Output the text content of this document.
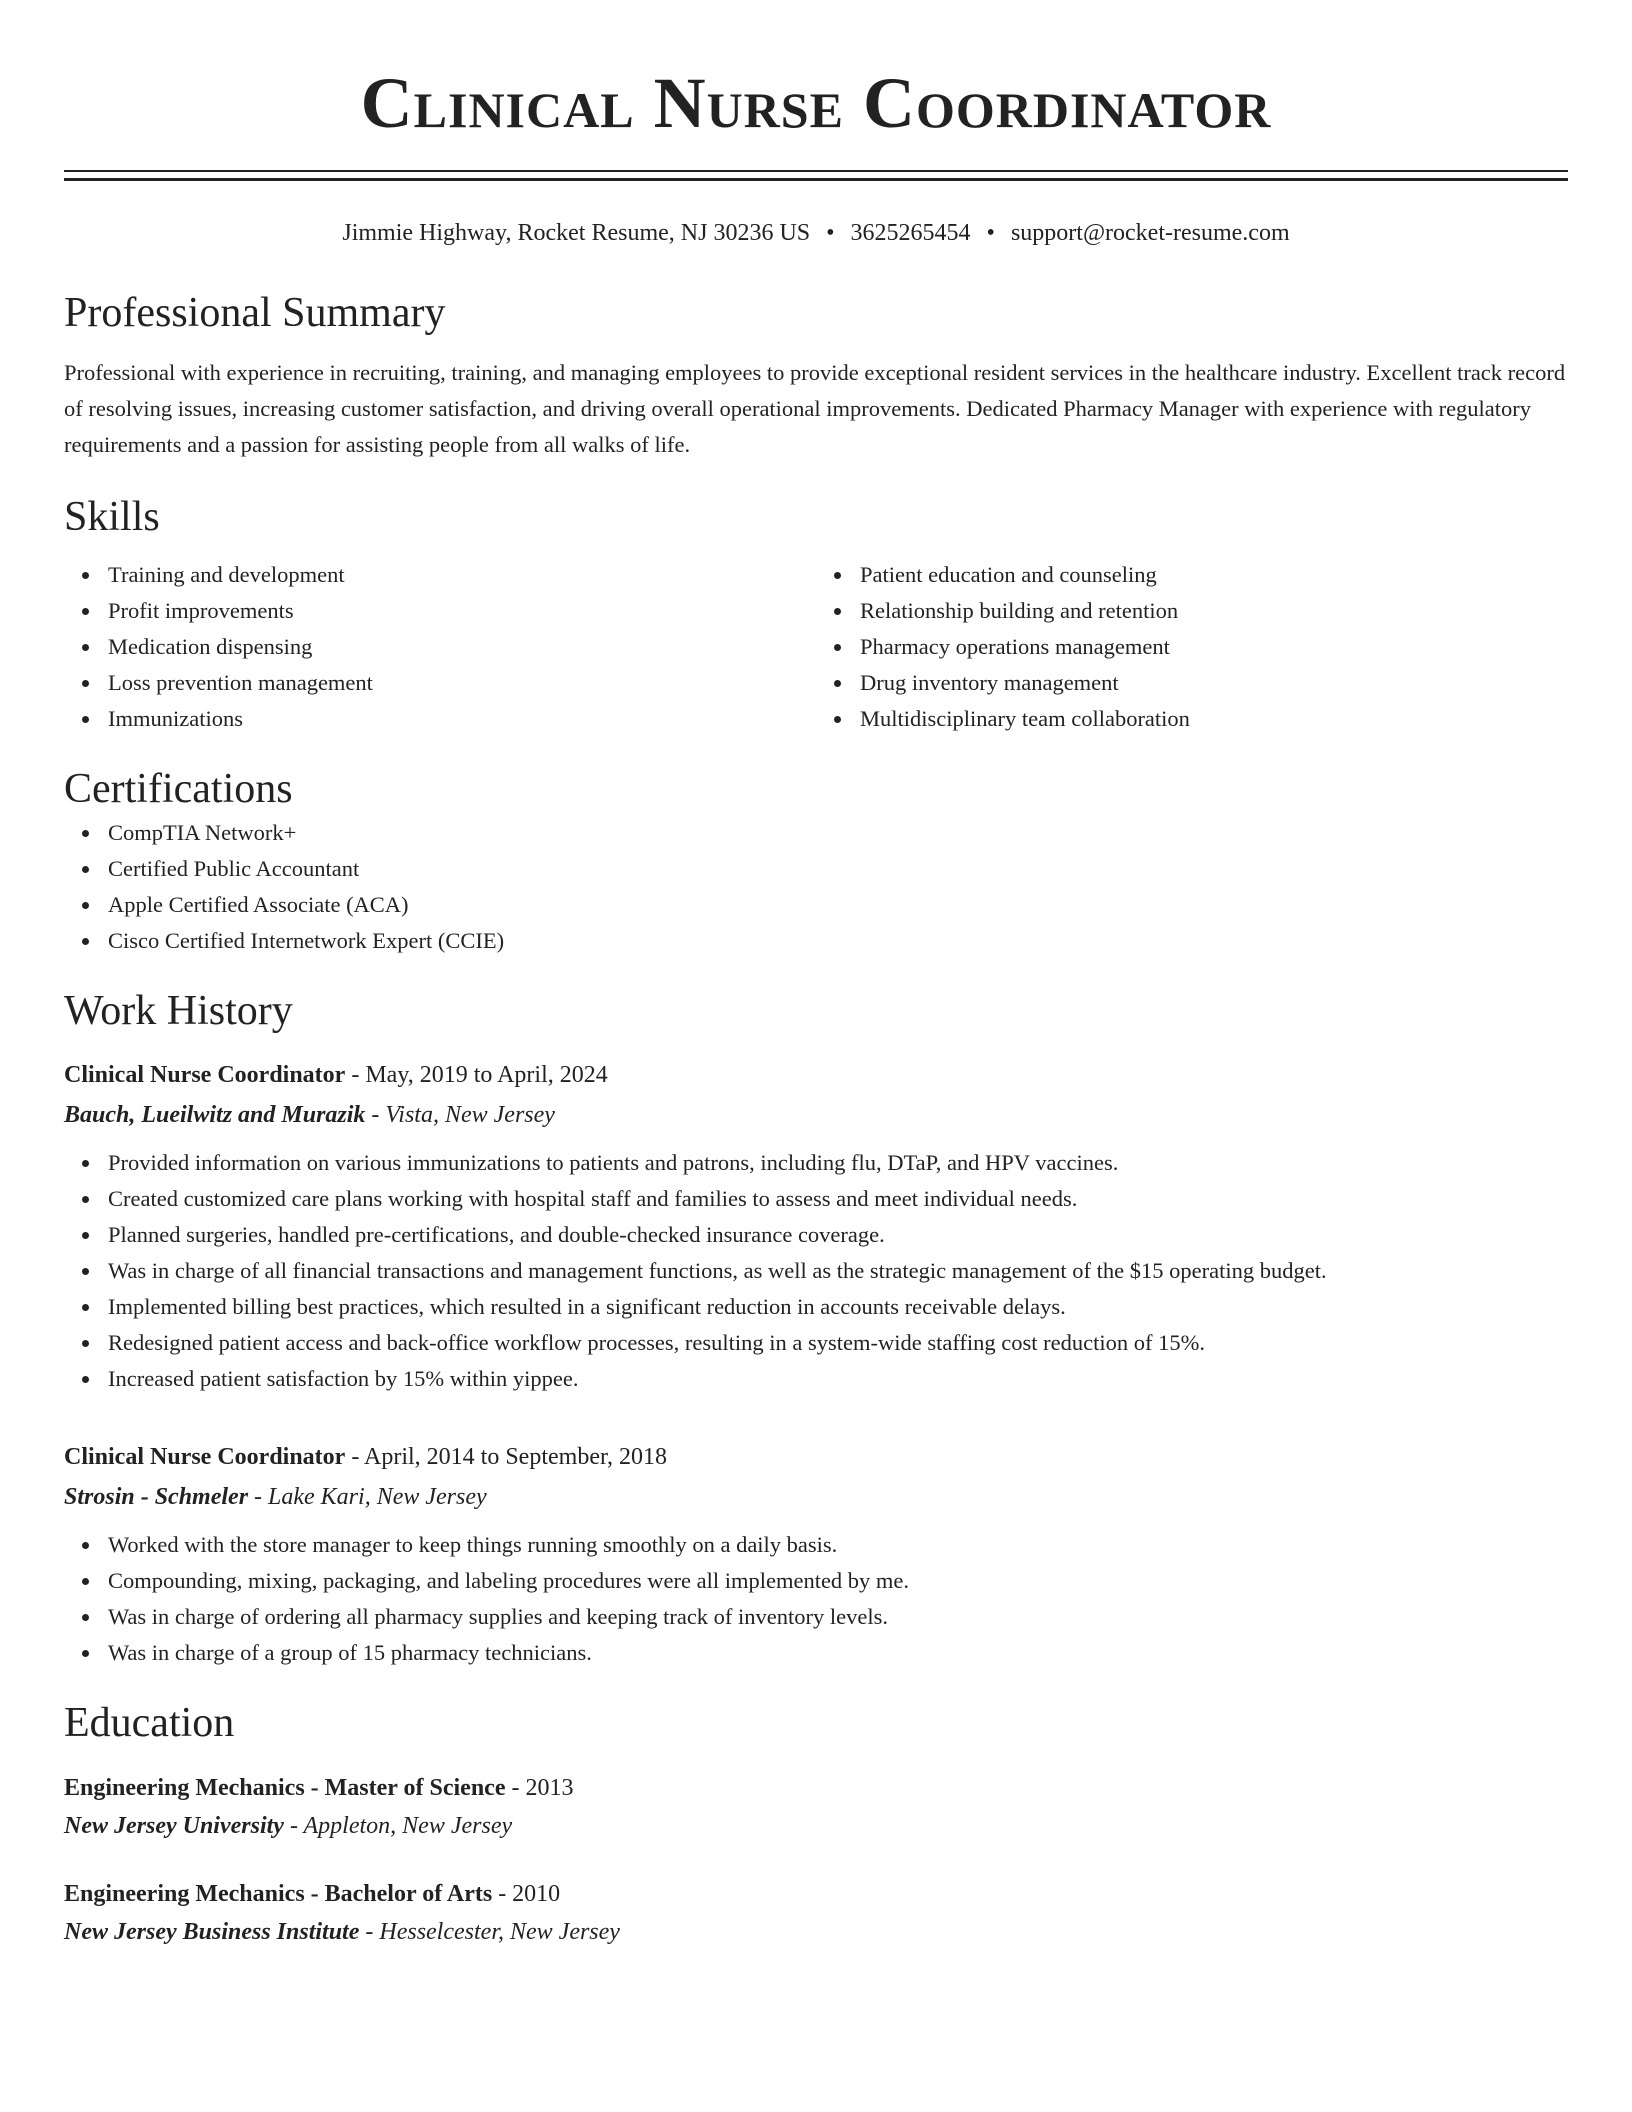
Clinical Nurse Coordinator
Jimmie Highway, Rocket Resume, NJ 30236 US • 3625265454 • support@rocket-resume.com
Professional Summary
Professional with experience in recruiting, training, and managing employees to provide exceptional resident services in the healthcare industry. Excellent track record of resolving issues, increasing customer satisfaction, and driving overall operational improvements. Dedicated Pharmacy Manager with experience with regulatory requirements and a passion for assisting people from all walks of life.
Skills
Training and development
Profit improvements
Medication dispensing
Loss prevention management
Immunizations
Patient education and counseling
Relationship building and retention
Pharmacy operations management
Drug inventory management
Multidisciplinary team collaboration
Certifications
CompTIA Network+
Certified Public Accountant
Apple Certified Associate (ACA)
Cisco Certified Internetwork Expert (CCIE)
Work History
Clinical Nurse Coordinator - May, 2019 to April, 2024
Bauch, Lueilwitz and Murazik - Vista, New Jersey
Provided information on various immunizations to patients and patrons, including flu, DTaP, and HPV vaccines.
Created customized care plans working with hospital staff and families to assess and meet individual needs.
Planned surgeries, handled pre-certifications, and double-checked insurance coverage.
Was in charge of all financial transactions and management functions, as well as the strategic management of the $15 operating budget.
Implemented billing best practices, which resulted in a significant reduction in accounts receivable delays.
Redesigned patient access and back-office workflow processes, resulting in a system-wide staffing cost reduction of 15%.
Increased patient satisfaction by 15% within yippee.
Clinical Nurse Coordinator - April, 2014 to September, 2018
Strosin - Schmeler - Lake Kari, New Jersey
Worked with the store manager to keep things running smoothly on a daily basis.
Compounding, mixing, packaging, and labeling procedures were all implemented by me.
Was in charge of ordering all pharmacy supplies and keeping track of inventory levels.
Was in charge of a group of 15 pharmacy technicians.
Education
Engineering Mechanics - Master of Science - 2013
New Jersey University - Appleton, New Jersey
Engineering Mechanics - Bachelor of Arts - 2010
New Jersey Business Institute - Hesselcester, New Jersey
